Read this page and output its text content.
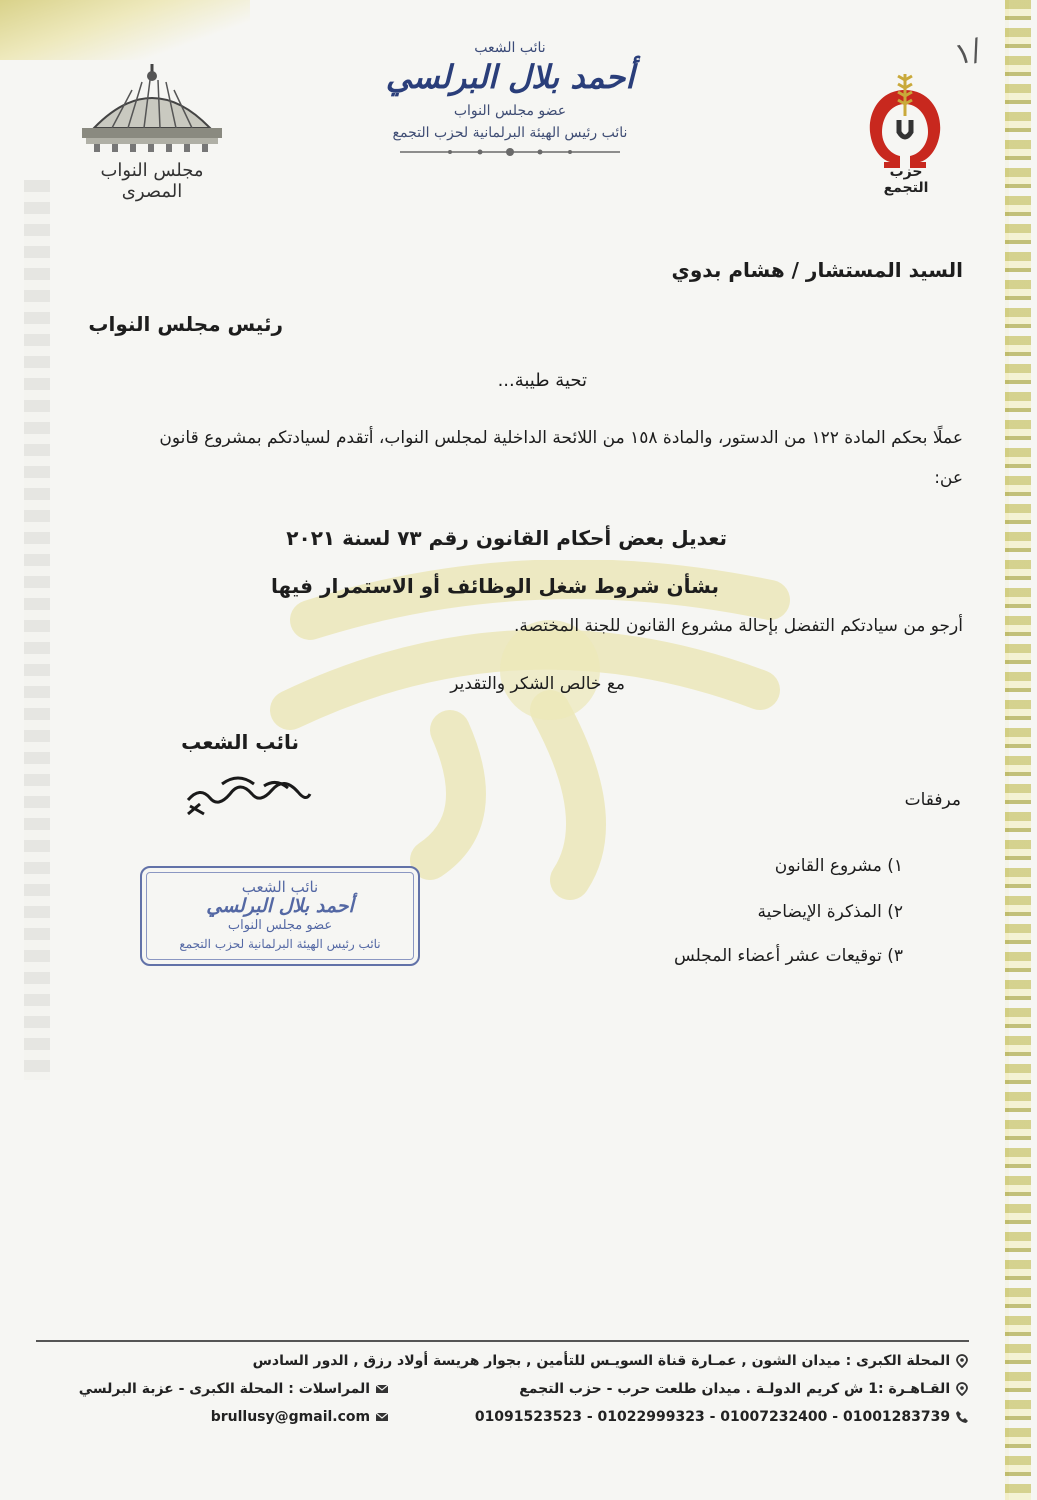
حزب التجمع
مجلس النواب المصرى
نائب الشعب
أحمد بلال البرلسي
عضو مجلس النواب
نائب رئيس الهيئة البرلمانية لحزب التجمع
١/
السيد المستشار / هشام بدوي
رئيس مجلس النواب
تحية طيبة...
عملًا بحكم المادة ١٢٢ من الدستور، والمادة ١٥٨ من اللائحة الداخلية لمجلس النواب، أتقدم لسيادتكم بمشروع قانون
عن:
تعديل بعض أحكام القانون رقم ٧٣ لسنة ٢٠٢١
بشأن شروط شغل الوظائف أو الاستمرار فيها
أرجو من سيادتكم التفضل بإحالة مشروع القانون للجنة المختصة.
مع خالص الشكر والتقدير
نائب الشعب
مرفقات
١) مشروع القانون
٢) المذكرة الإيضاحية
٣) توقيعات عشر أعضاء المجلس
نائب الشعب
أحمد بلال البرلسي
عضو مجلس النواب
نائب رئيس الهيئة البرلمانية لحزب التجمع
المحلة الكبرى : ميدان الشون , عمـارة قناة السويـس للتأمين , بجوار هريسة أولاد رزق , الدور السادس
القـاهـرة :1 ش كريم الدولـة . ميدان طلعت حرب - حزب التجمع
المراسلات : المحلة الكبرى - عزبة البرلسي
01091523523 - 01022999323 - 01007232400 - 01001283739
brullusy@gmail.com
